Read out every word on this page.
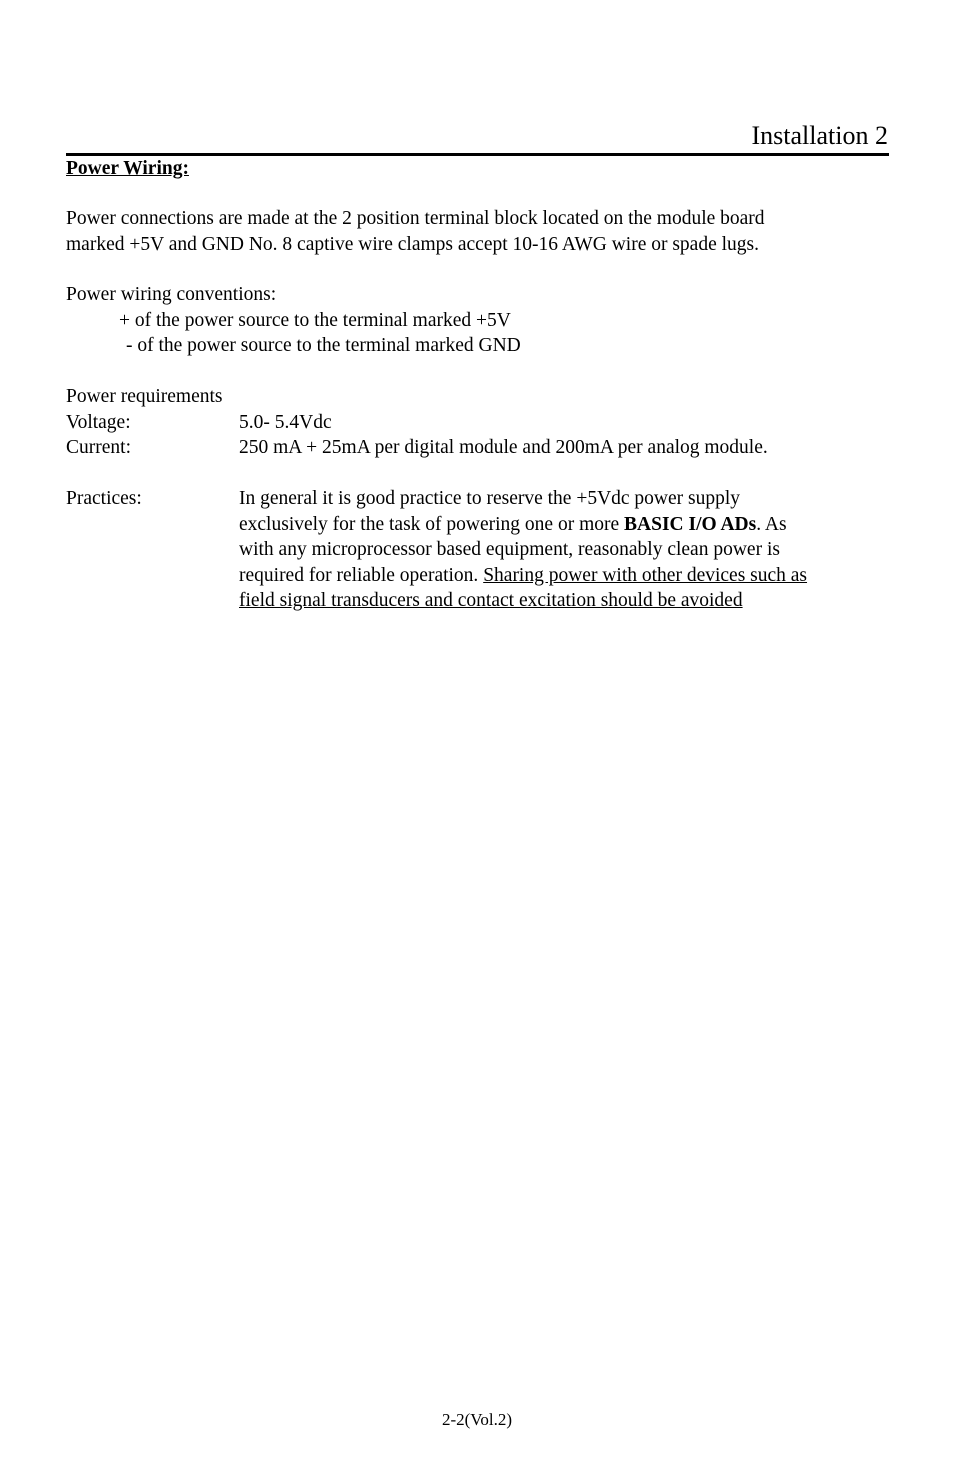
Installation 2
Power Wiring:
Power connections are made at the 2 position terminal block located on the module board
marked +5V and GND No. 8 captive wire clamps accept 10-16 AWG wire or spade lugs.
Power wiring conventions:
+ of the power source to the terminal marked +5V
- of the power source to the terminal marked GND
Power requirements
Voltage:	5.0- 5.4Vdc
Current:	250 mA + 25mA per digital module and 200mA per analog module.
Practices:	In general it is good practice to reserve the +5Vdc power supply
exclusively for the task of powering one or more BASIC I/O ADs. As
with any microprocessor based equipment, reasonably clean power is
required for reliable operation. Sharing power with other devices such as
field signal transducers and contact excitation should be avoided
2-2(Vol.2)
